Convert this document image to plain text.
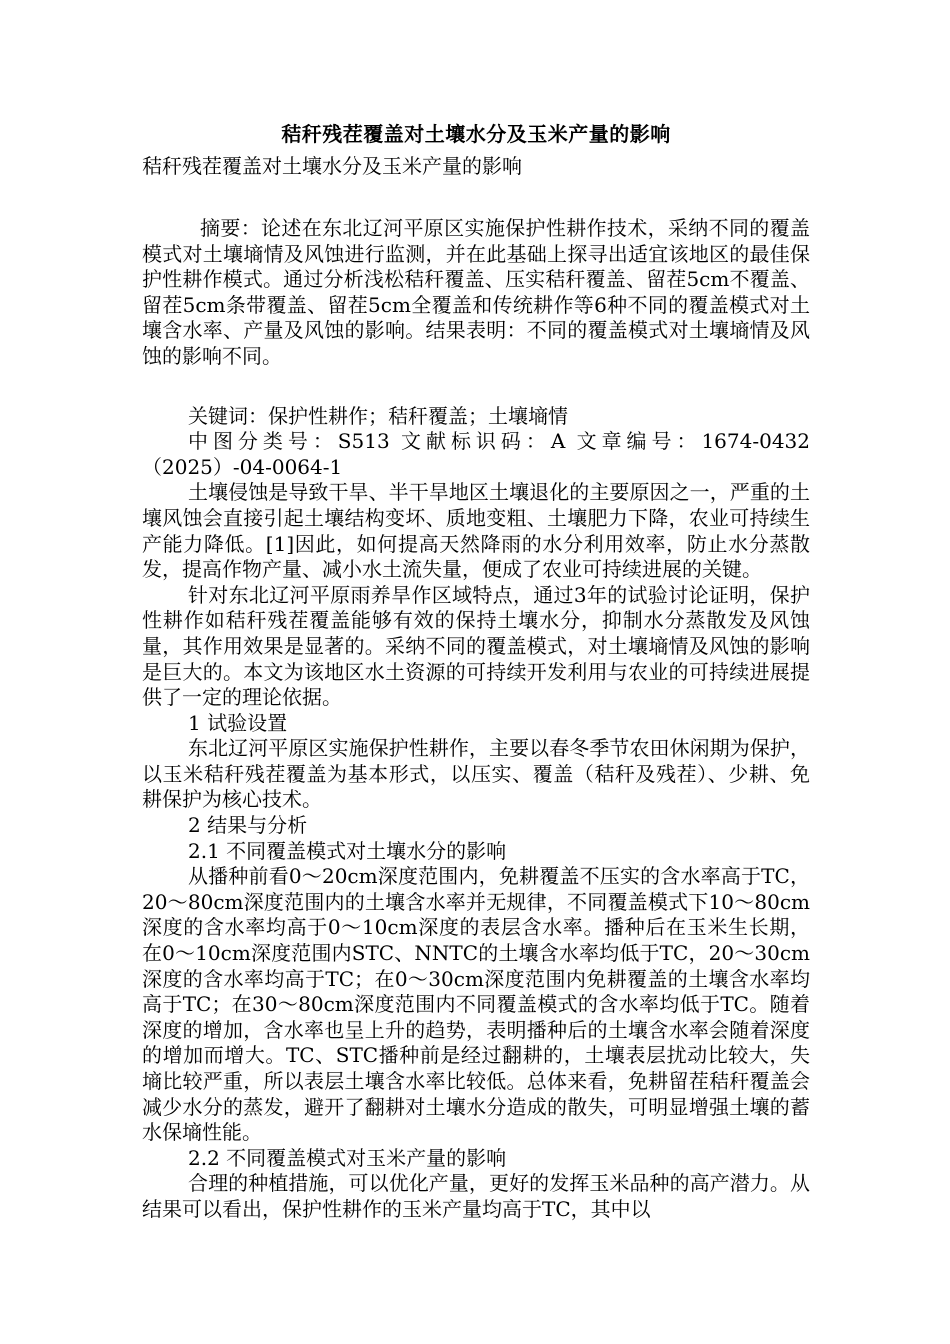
秸秆残茬覆盖对土壤水分及玉米产量的影响
秸秆残茬覆盖对土壤水分及玉米产量的影响

摘要：论述在东北辽河平原区实施保护性耕作技术，采纳不同的覆盖模式对土壤墒情及风蚀进行监测，并在此基础上探寻出适宜该地区的最佳保护性耕作模式。通过分析浅松秸秆覆盖、压实秸秆覆盖、留茬5cm不覆盖、留茬5cm条带覆盖、留茬5cm全覆盖和传统耕作等6种不同的覆盖模式对土壤含水率、产量及风蚀的影响。结果表明：不同的覆盖模式对土壤墒情及风蚀的影响不同。

关键词：保护性耕作；秸秆覆盖；土壤墒情

中图分类号：S513 文献标识码：A 文章编号：1674-0432（2025）-04-0064-1

土壤侵蚀是导致干旱、半干旱地区土壤退化的主要原因之一，严重的土壤风蚀会直接引起土壤结构变坏、质地变粗、土壤肥力下降，农业可持续生产能力降低。[1]因此，如何提高天然降雨的水分利用效率，防止水分蒸散发，提高作物产量、减小水土流失量，便成了农业可持续进展的关键。

针对东北辽河平原雨养旱作区域特点，通过3年的试验讨论证明，保护性耕作如秸秆残茬覆盖能够有效的保持土壤水分，抑制水分蒸散发及风蚀量，其作用效果是显著的。采纳不同的覆盖模式，对土壤墒情及风蚀的影响是巨大的。本文为该地区水土资源的可持续开发利用与农业的可持续进展提供了一定的理论依据。

1 试验设置

东北辽河平原区实施保护性耕作，主要以春冬季节农田休闲期为保护，以玉米秸秆残茬覆盖为基本形式，以压实、覆盖（秸秆及残茬）、少耕、免耕保护为核心技术。

2 结果与分析

2.1 不同覆盖模式对土壤水分的影响

从播种前看0～20cm深度范围内，免耕覆盖不压实的含水率高于TC，20～80cm深度范围内的土壤含水率并无规律，不同覆盖模式下10～80cm深度的含水率均高于0～10cm深度的表层含水率。播种后在玉米生长期，在0～10cm深度范围内STC、NNTC的土壤含水率均低于TC，20～30cm深度的含水率均高于TC；在0～30cm深度范围内免耕覆盖的土壤含水率均高于TC；在30～80cm深度范围内不同覆盖模式的含水率均低于TC。随着深度的增加，含水率也呈上升的趋势，表明播种后的土壤含水率会随着深度的增加而增大。TC、STC播种前是经过翻耕的，土壤表层扰动比较大，失墒比较严重，所以表层土壤含水率比较低。总体来看，免耕留茬秸秆覆盖会减少水分的蒸发，避开了翻耕对土壤水分造成的散失，可明显增强土壤的蓄水保墒性能。

2.2 不同覆盖模式对玉米产量的影响

合理的种植措施，可以优化产量，更好的发挥玉米品种的高产潜力。从结果可以看出，保护性耕作的玉米产量均高于TC，其中以
